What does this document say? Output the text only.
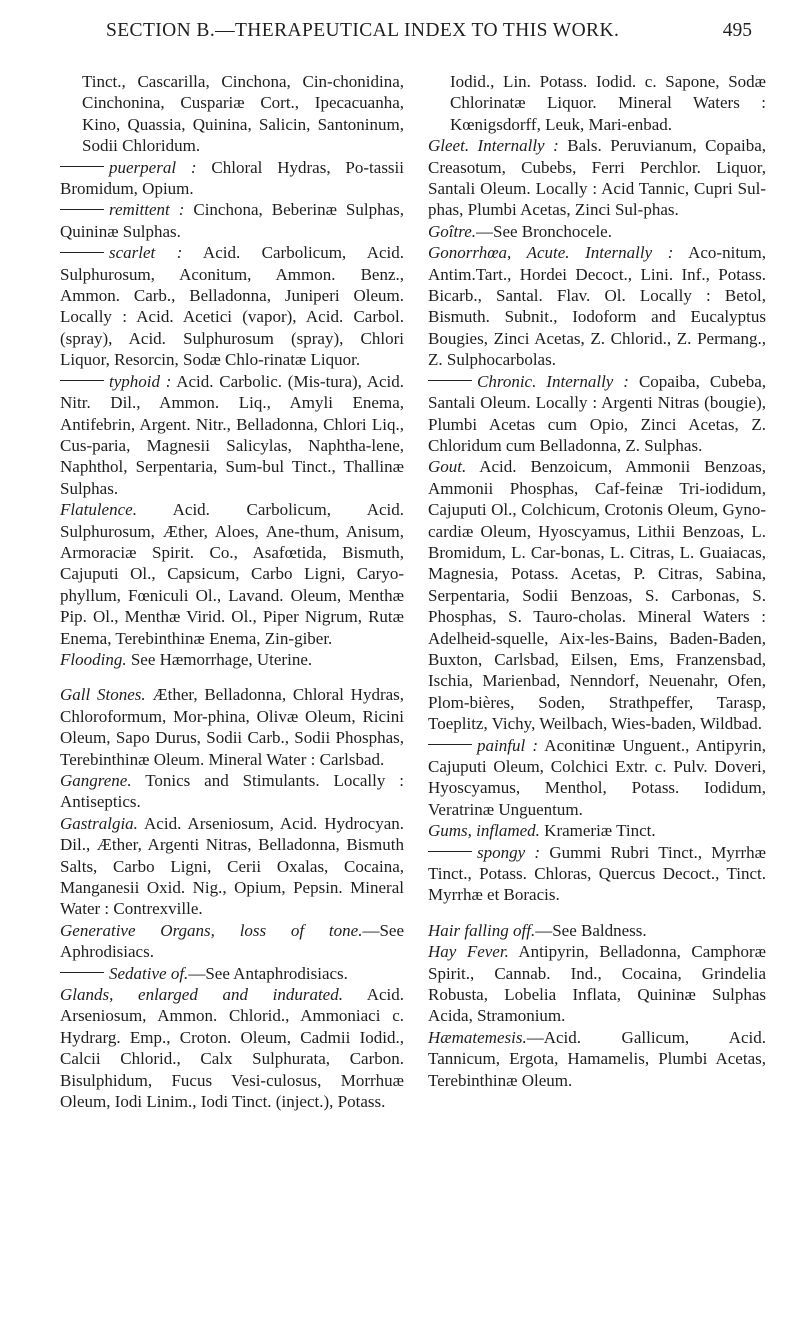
SECTION B.—THERAPEUTICAL INDEX TO THIS WORK.	495

Tinct., Cascarilla, Cinchona, Cin-chonidina, Cinchonina, Cuspariæ Cort., Ipecacuanha, Kino, Quassia, Quinina, Salicin, Santoninum, Sodii Chloridum.

puerperal : Chloral Hydras, Po-tassii Bromidum, Opium.

remittent : Cinchona, Beberinæ Sulphas, Quininæ Sulphas.

scarlet : Acid. Carbolicum, Acid. Sulphurosum, Aconitum, Ammon. Benz., Ammon. Carb., Belladonna, Juniperi Oleum. Locally : Acid. Acetici (vapor), Acid. Carbol. (spray), Acid. Sulphurosum (spray), Chlori Liquor, Resorcin, Sodæ Chlo-rinatæ Liquor.

typhoid : Acid. Carbolic. (Mis-tura), Acid. Nitr. Dil., Ammon. Liq., Amyli Enema, Antifebrin, Argent. Nitr., Belladonna, Chlori Liq., Cus-paria, Magnesii Salicylas, Naphtha-lene, Naphthol, Serpentaria, Sum-bul Tinct., Thallinæ Sulphas.

Flatulence. Acid. Carbolicum, Acid. Sulphurosum, Æther, Aloes, Ane-thum, Anisum, Armoraciæ Spirit. Co., Asafœtida, Bismuth, Cajuputi Ol., Capsicum, Carbo Ligni, Caryo-phyllum, Fœniculi Ol., Lavand. Oleum, Menthæ Pip. Ol., Menthæ Virid. Ol., Piper Nigrum, Rutæ Enema, Terebinthinæ Enema, Zin-giber.

Flooding. See Hæmorrhage, Uterine.

Gall Stones. Æther, Belladonna, Chloral Hydras, Chloroformum, Mor-phina, Olivæ Oleum, Ricini Oleum, Sapo Durus, Sodii Carb., Sodii Phosphas, Terebinthinæ Oleum. Mineral Water : Carlsbad.

Gangrene. Tonics and Stimulants. Locally : Antiseptics.

Gastralgia. Acid. Arseniosum, Acid. Hydrocyan. Dil., Æther, Argenti Nitras, Belladonna, Bismuth Salts, Carbo Ligni, Cerii Oxalas, Cocaina, Manganesii Oxid. Nig., Opium, Pepsin. Mineral Water : Contrexville.

Generative Organs, loss of tone.—See Aphrodisiacs.

Sedative of.—See Antaphrodisiacs.

Glands, enlarged and indurated. Acid. Arseniosum, Ammon. Chlorid., Ammoniaci c. Hydrarg. Emp., Croton. Oleum, Cadmii Iodid., Calcii Chlorid., Calx Sulphurata, Carbon. Bisulphidum, Fucus Vesi-culosus, Morrhuæ Oleum, Iodi Linim., Iodi Tinct. (inject.), Potass.

Iodid., Lin. Potass. Iodid. c. Sapone, Sodæ Chlorinatæ Liquor. Mineral Waters : Kœnigsdorff, Leuk, Mari-enbad.

Gleet. Internally : Bals. Peruvianum, Copaiba, Creasotum, Cubebs, Ferri Perchlor. Liquor, Santali Oleum. Locally : Acid Tannic, Cupri Sul-phas, Plumbi Acetas, Zinci Sul-phas.

Goître.—See Bronchocele.

Gonorrhœa, Acute. Internally : Aco-nitum, Antim.Tart., Hordei Decoct., Lini. Inf., Potass. Bicarb., Santal. Flav. Ol. Locally : Betol, Bismuth. Subnit., Iodoform and Eucalyptus Bougies, Zinci Acetas, Z. Chlorid., Z. Permang., Z. Sulphocarbolas.

Chronic. Internally : Copaiba, Cubeba, Santali Oleum. Locally : Argenti Nitras (bougie), Plumbi Acetas cum Opio, Zinci Acetas, Z. Chloridum cum Belladonna, Z. Sulphas.

Gout. Acid. Benzoicum, Ammonii Benzoas, Ammonii Phosphas, Caf-feinæ Tri-iodidum, Cajuputi Ol., Colchicum, Crotonis Oleum, Gyno-cardiæ Oleum, Hyoscyamus, Lithii Benzoas, L. Bromidum, L. Car-bonas, L. Citras, L. Guaiacas, Magnesia, Potass. Acetas, P. Citras, Sabina, Serpentaria, Sodii Benzoas, S. Carbonas, S. Phosphas, S. Tauro-cholas. Mineral Waters : Adelheid-squelle, Aix-les-Bains, Baden-Baden, Buxton, Carlsbad, Eilsen, Ems, Franzensbad, Ischia, Marienbad, Nenndorf, Neuenahr, Ofen, Plom-bières, Soden, Strathpeffer, Tarasp, Toeplitz, Vichy, Weilbach, Wies-baden, Wildbad.

painful : Aconitinæ Unguent., Antipyrin, Cajuputi Oleum, Colchici Extr. c. Pulv. Doveri, Hyoscyamus, Menthol, Potass. Iodidum, Veratrinæ Unguentum.

Gums, inflamed. Krameriæ Tinct.

spongy : Gummi Rubri Tinct., Myrrhæ Tinct., Potass. Chloras, Quercus Decoct., Tinct. Myrrhæ et Boracis.

Hair falling off.—See Baldness.

Hay Fever. Antipyrin, Belladonna, Camphoræ Spirit., Cannab. Ind., Cocaina, Grindelia Robusta, Lobelia Inflata, Quininæ Sulphas Acida, Stramonium.

Hæmatemesis.—Acid. Gallicum, Acid. Tannicum, Ergota, Hamamelis, Plumbi Acetas, Terebinthinæ Oleum.
